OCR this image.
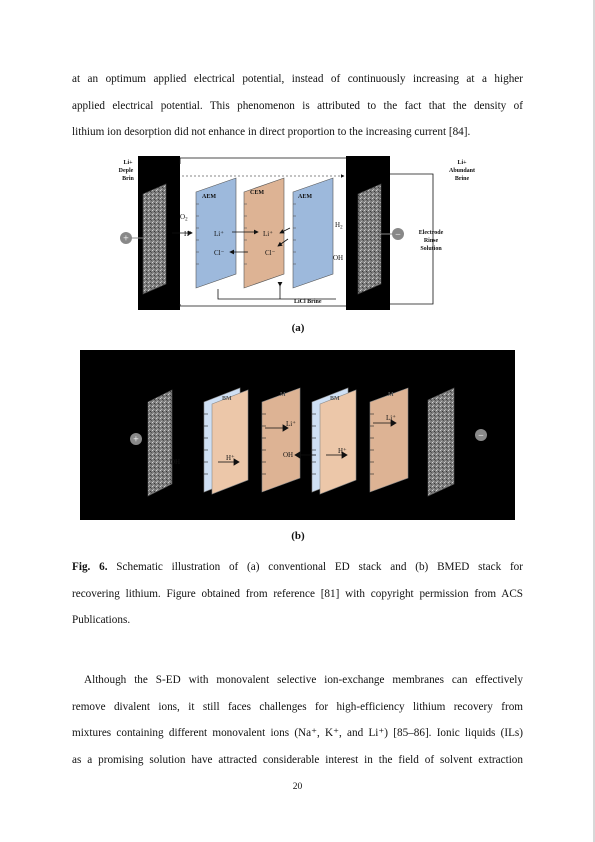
at an optimum applied electrical potential, instead of continuously increasing at a higher
applied electrical potential. This phenomenon is attributed to the fact that the density of
lithium ion desorption did not enhance in direct proportion to the increasing current [84].
+	−
Li+
Deple
Brin
Li+
Abundant
Brine
Electrode
Rinse
Solution
AEM
CEM
AEM
LiCl Brine
$O_2$
H⁺	Li⁺	Li⁺
Cl⁻	Cl⁻
$H_2$
OH
(a)
+	−
OH	H⁺
Li⁺
OH	H⁺
Li⁺
BM
M
BM
M
(b)
Fig. 6. Schematic illustration of (a) conventional ED stack and (b) BMED stack for
recovering lithium. Figure obtained from reference [81] with copyright permission from ACS
Publications.
Although the S-ED with monovalent selective ion-exchange membranes can effectively
remove divalent ions, it still faces challenges for high-efficiency lithium recovery from
mixtures containing different monovalent ions (Na⁺, K⁺, and Li⁺) [85–86]. Ionic liquids (ILs)
as a promising solution have attracted considerable interest in the field of solvent extraction
20
